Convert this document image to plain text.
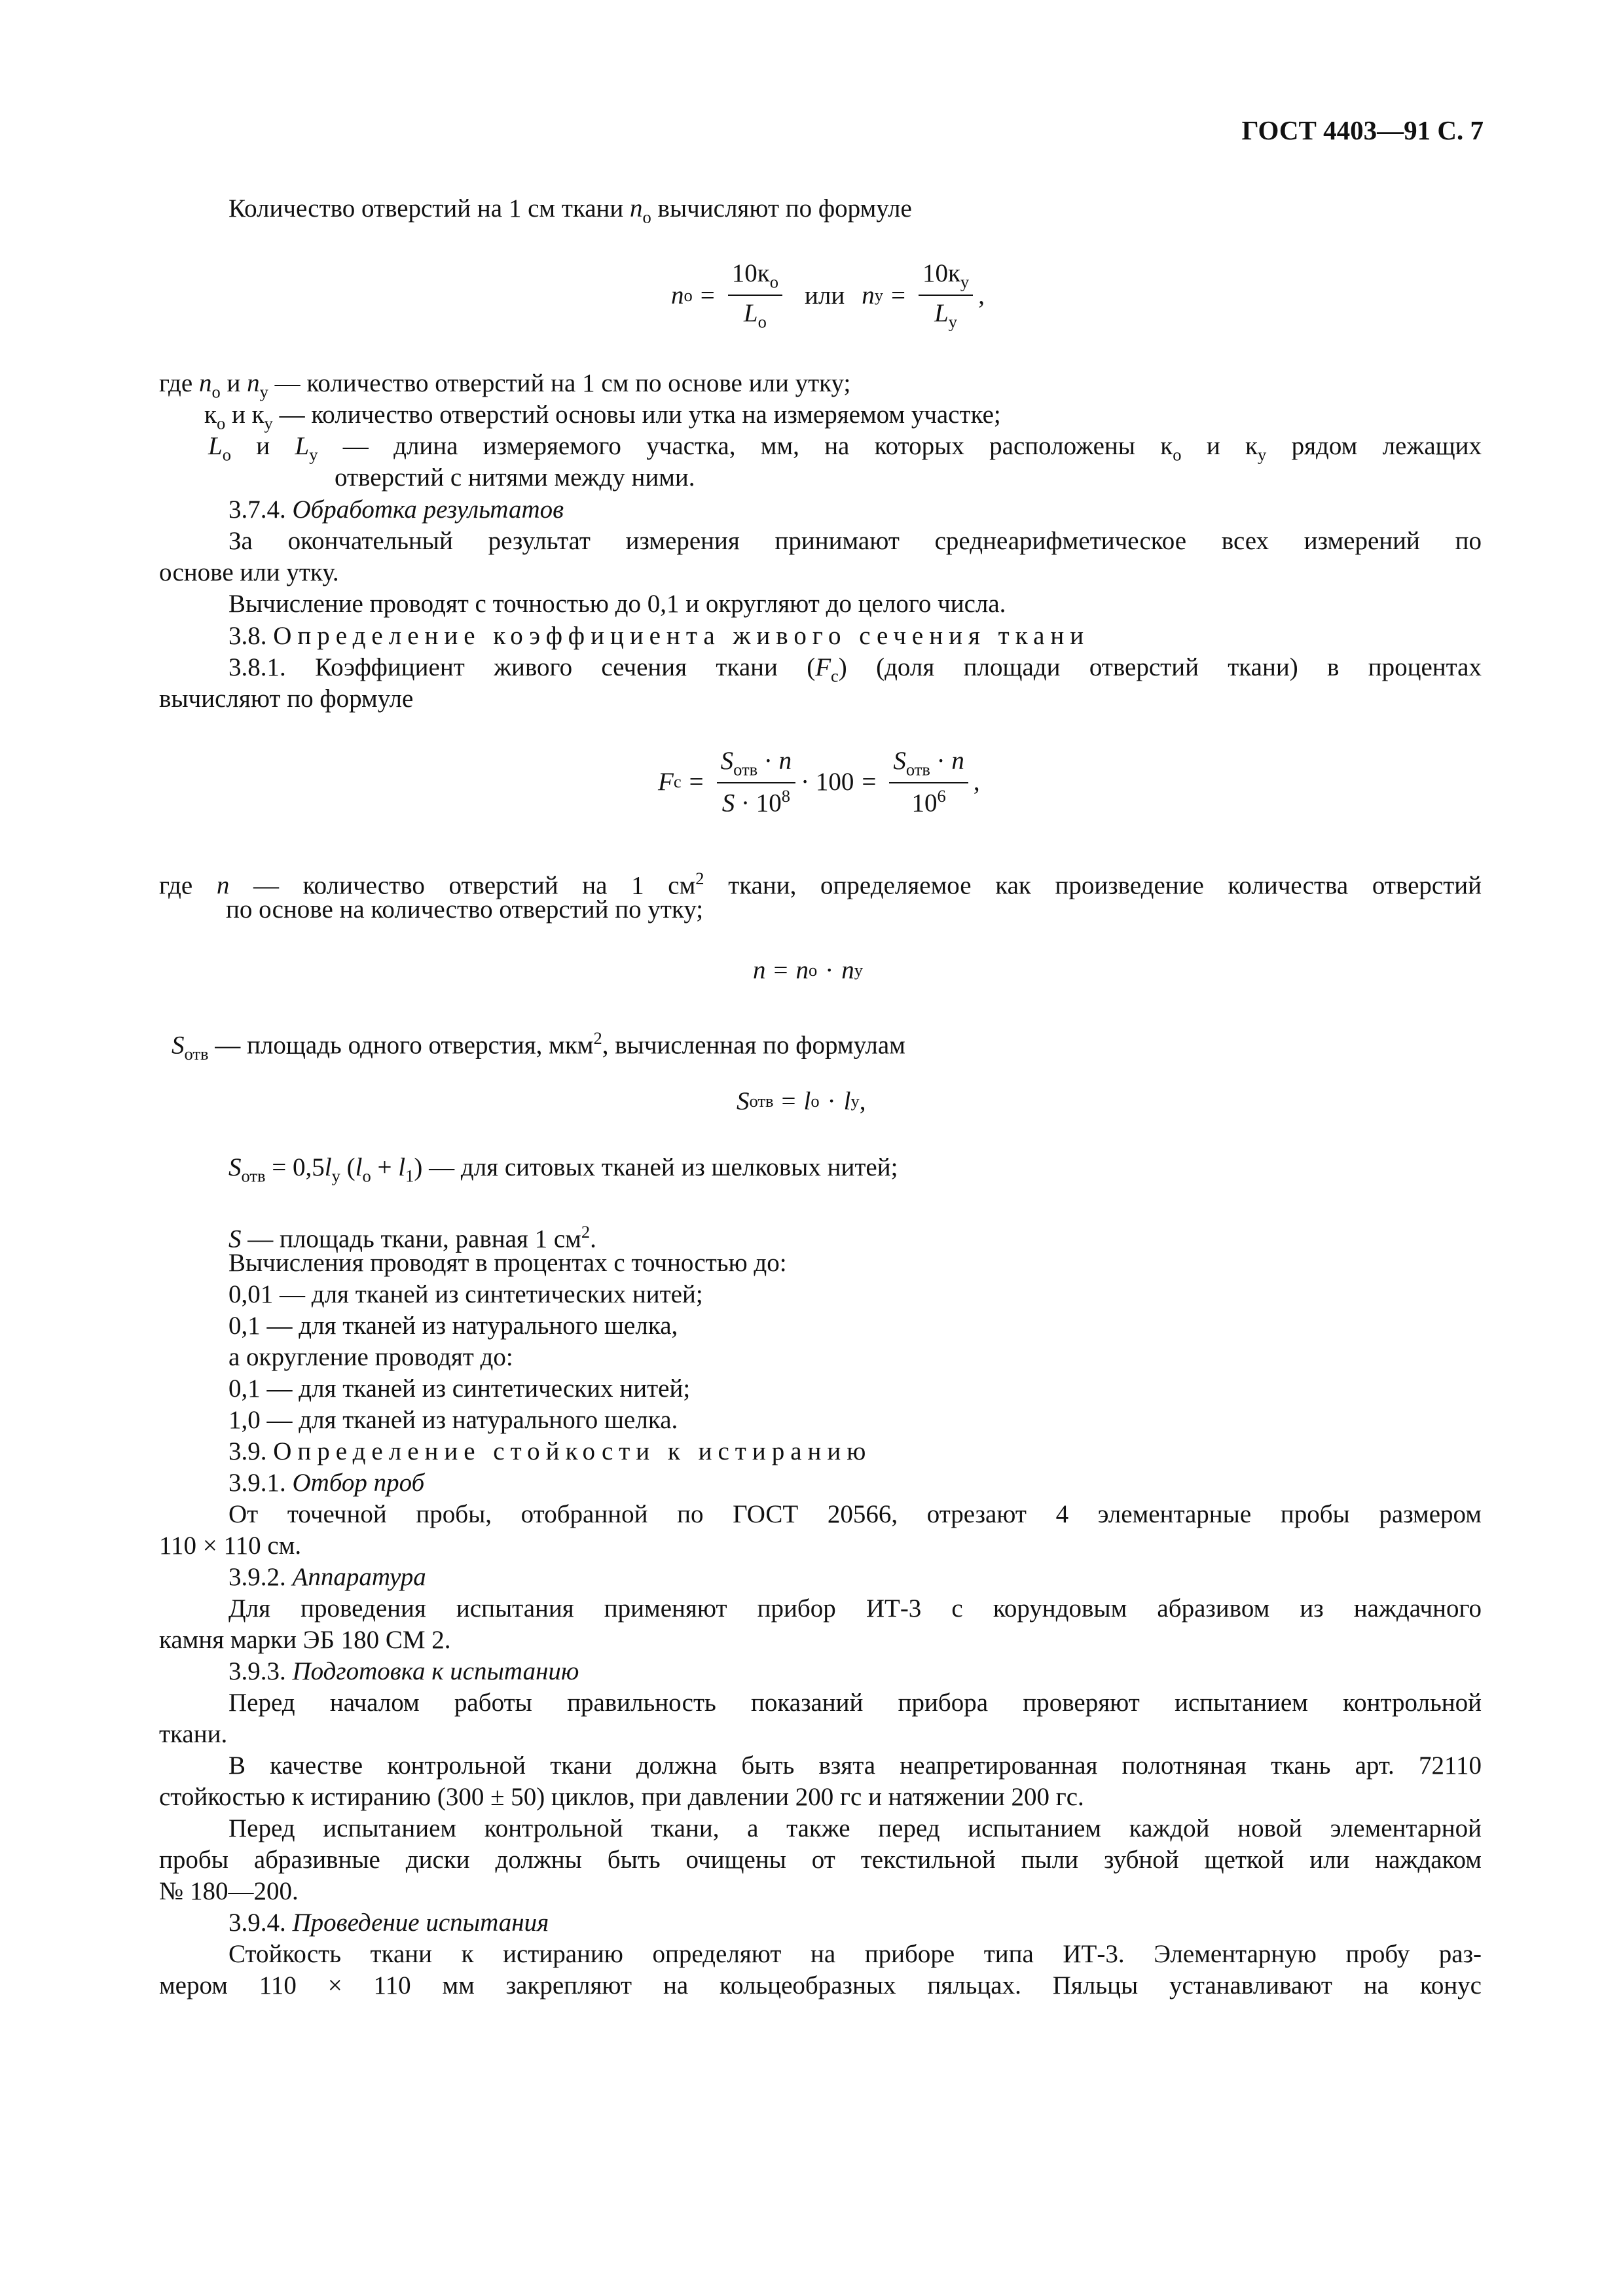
ГОСТ 4403—91 С. 7
Количество отверстий на 1 см ткани $n_о$ вычисляют по формуле
n $о = \frac{10к_о}{L_о}$ или n $у = \frac{10к_у}{L_у}$ ,
где $n_о$ и $n_у$ — количество отверстий на 1 см по основе или утку;
$к_о$ и $к_у$ — количество отверстий основы или утка на измеряемом участке;
$L_о$ и $L_у$ — длина измеряемого участка, мм, на которых расположены $к_о$ и $к_у$ рядом лежащих
отверстий с нитями между ними.
3.7.4. Обработка результатов
За окончательный результат измерения принимают среднеарифметическое всех измерений по
основе или утку.
Вычисление проводят с точностью до 0,1 и округляют до целого числа.
3.8. Определение коэффициента живого сечения ткани
3.8.1. Коэффициент живого сечения ткани $(F_с)$ (доля площади отверстий ткани) в процентах
вычисляют по формуле
F $с = \frac{S_{отв} \cdot n}{S \cdot 10^8} \cdot 100 = \frac{S_{отв} \cdot n}{10^6}$ ,
где n — количество отверстий на 1 $см^2$ ткани, определяемое как произведение количества отверстий
по основе на количество отверстий по утку;
n = n о · n у
$S_{отв}$ — площадь одного отверстия, мкм$^2$, вычисленная по формулам
S отв = l о · l у ,
$S_{отв} = 0,5l_у$ $(l_о + l_1)$ — для ситовых тканей из шелковых нитей;
S — площадь ткани, равная 1 $см^2$.
Вычисления проводят в процентах с точностью до:
0,01 — для тканей из синтетических нитей;
0,1 — для тканей из натурального шелка,
а округление проводят до:
0,1 — для тканей из синтетических нитей;
1,0 — для тканей из натурального шелка.
3.9. Определение стойкости к истиранию
3.9.1. Отбор проб
От точечной пробы, отобранной по ГОСТ 20566, отрезают 4 элементарные пробы размером
110 × 110 см.
3.9.2. Аппаратура
Для проведения испытания применяют прибор ИТ-3 с корундовым абразивом из наждачного
камня марки ЭБ 180 СМ 2.
3.9.3. Подготовка к испытанию
Перед началом работы правильность показаний прибора проверяют испытанием контрольной
ткани.
В качестве контрольной ткани должна быть взята неапретированная полотняная ткань арт. 72110
стойкостью к истиранию (300 ± 50) циклов, при давлении 200 гс и натяжении 200 гс.
Перед испытанием контрольной ткани, а также перед испытанием каждой новой элементарной
пробы абразивные диски должны быть очищены от текстильной пыли зубной щеткой или наждаком
№ 180—200.
3.9.4. Проведение испытания
Стойкость ткани к истиранию определяют на приборе типа ИТ-3. Элементарную пробу раз-
мером 110 × 110 мм закрепляют на кольцеобразных пяльцах. Пяльцы устанавливают на конус
